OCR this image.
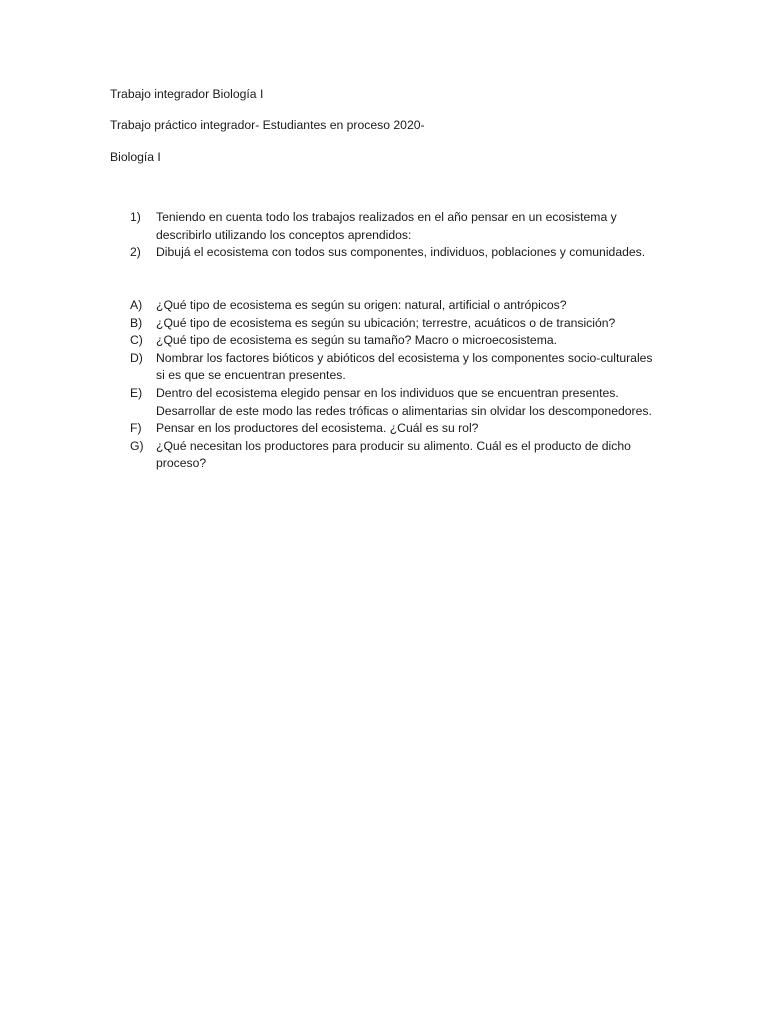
Trabajo integrador Biología I

Trabajo práctico integrador- Estudiantes en proceso 2020-

Biología I

1)	Teniendo en cuenta todo los trabajos realizados en el año pensar en un ecosistema y describirlo utilizando los conceptos aprendidos:
2)	Dibujá el ecosistema con todos sus componentes, individuos, poblaciones y comunidades.
A)	¿Qué tipo de ecosistema es según su origen: natural, artificial o antrópicos?
B)	¿Qué tipo de ecosistema es según su ubicación; terrestre, acuáticos o de transición?
C)	¿Qué tipo de ecosistema es según su tamaño? Macro o microecosistema.
D)	Nombrar los factores bióticos y abióticos del ecosistema y los componentes socio-culturales si es que se encuentran presentes.
E)	Dentro del ecosistema elegido pensar en los individuos que se encuentran presentes. Desarrollar de este modo las redes tróficas o alimentarias sin olvidar los descomponedores.
F)	Pensar en los productores del ecosistema. ¿Cuál es su rol?
G)	¿Qué necesitan los productores para producir su alimento. Cuál es el producto de dicho proceso?
